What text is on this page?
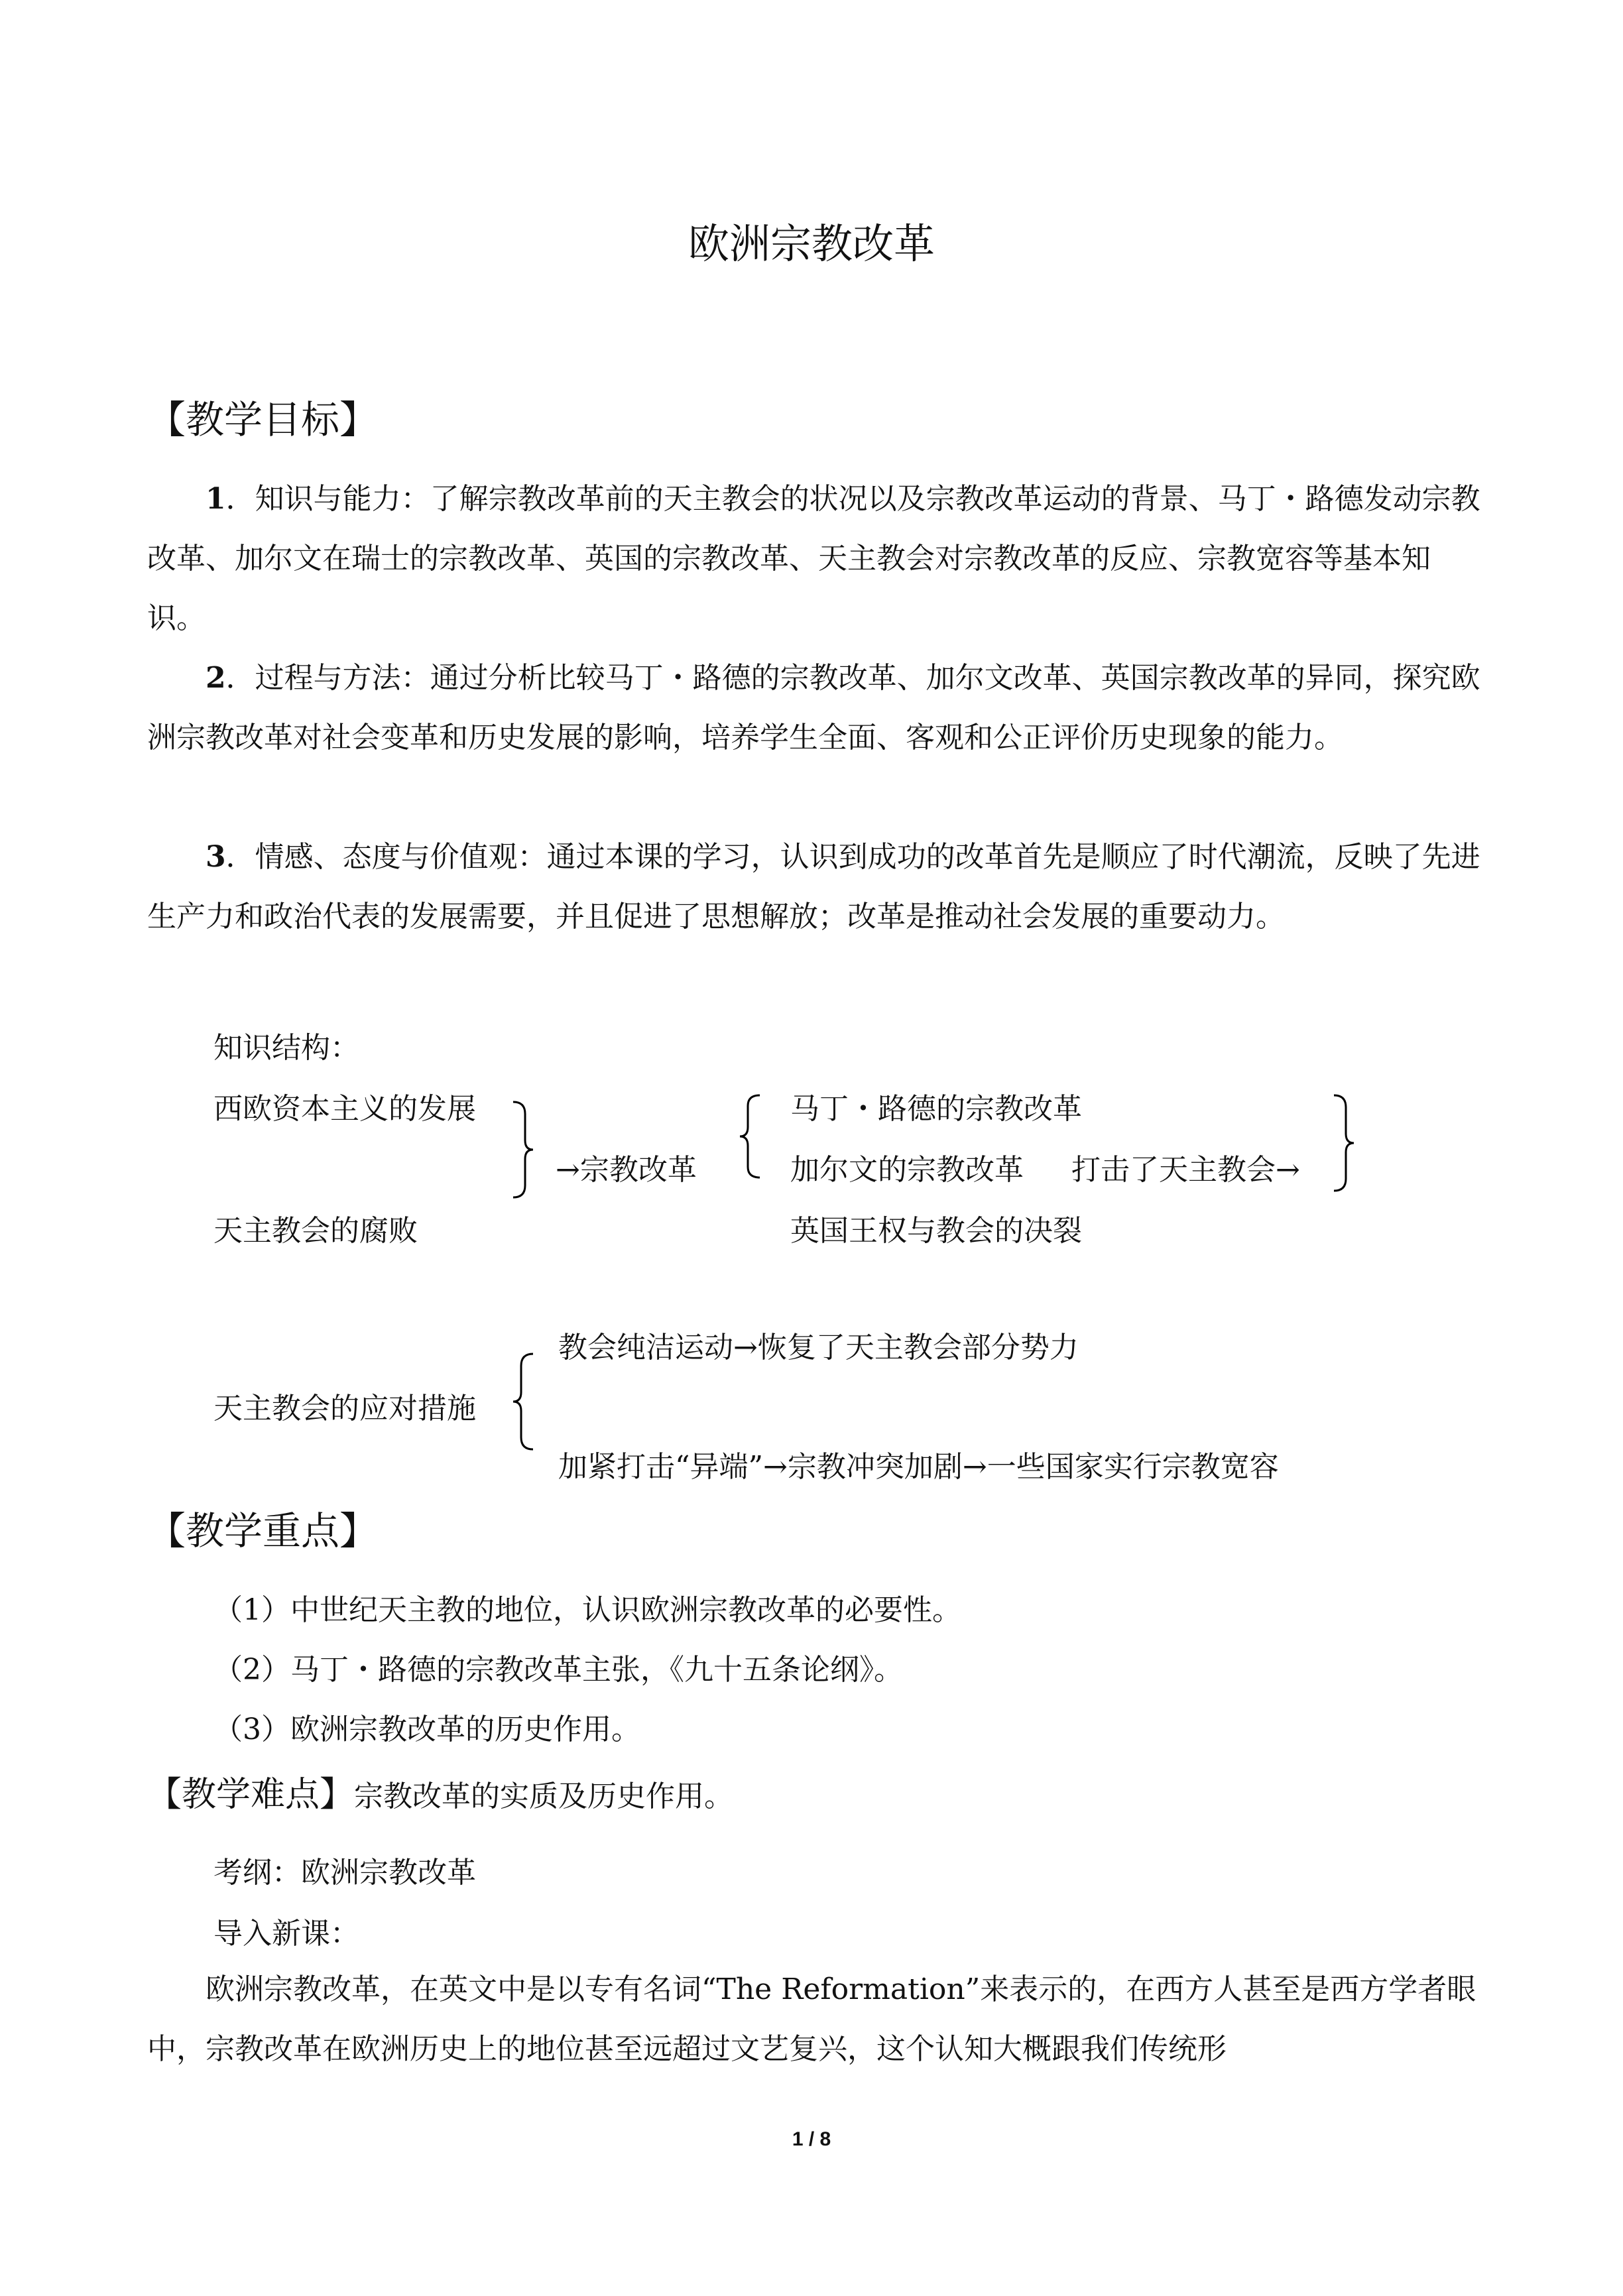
欧洲宗教改革
【教学目标】
1．知识与能力：了解宗教改革前的天主教会的状况以及宗教改革运动的背景、马丁・路德发动宗教改革、加尔文在瑞士的宗教改革、英国的宗教改革、天主教会对宗教改革的反应、宗教宽容等基本知识。
2．过程与方法：通过分析比较马丁・路德的宗教改革、加尔文改革、英国宗教改革的异同，探究欧洲宗教改革对社会变革和历史发展的影响，培养学生全面、客观和公正评价历史现象的能力。
3．情感、态度与价值观：通过本课的学习，认识到成功的改革首先是顺应了时代潮流，反映了先进生产力和政治代表的发展需要，并且促进了思想解放；改革是推动社会发展的重要动力。
知识结构：
西欧资本主义的发展
天主教会的腐败
→宗教改革
马丁・路德的宗教改革
加尔文的宗教改革 打击了天主教会→
英国王权与教会的决裂
天主教会的应对措施
教会纯洁运动→恢复了天主教会部分势力
加紧打击“异端”→宗教冲突加剧→一些国家实行宗教宽容
【教学重点】
（1）中世纪天主教的地位，认识欧洲宗教改革的必要性。
（2）马丁・路德的宗教改革主张，《九十五条论纲》。
（3）欧洲宗教改革的历史作用。
【教学难点】宗教改革的实质及历史作用。
考纲：欧洲宗教改革
导入新课：
欧洲宗教改革，在英文中是以专有名词“The Reformation”来表示的，在西方人甚至是西方学者眼中，宗教改革在欧洲历史上的地位甚至远超过文艺复兴，这个认知大概跟我们传统形
1 / 8
